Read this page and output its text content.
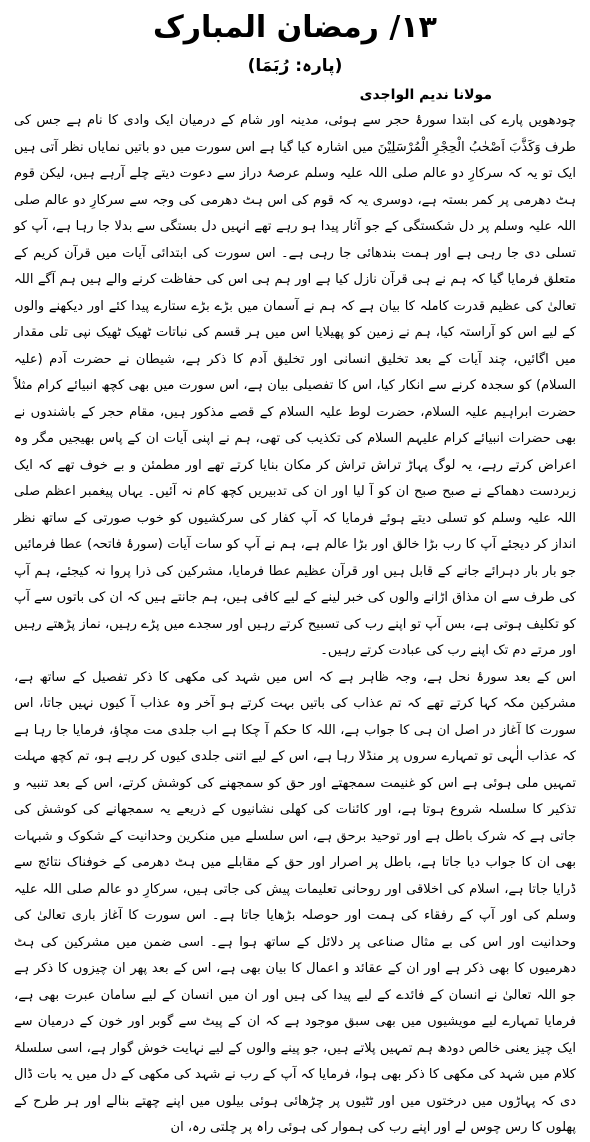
۱۳/ رمضان المبارک
(پارہ: رُبَمَا)
مولانا ندیم الواجدی

چودھویں پارے کی ابتدا سورۂ حجر سے ہوئی، مدینہ اور شام کے درمیان ایک وادی کا نام ہے جس کی طرف وَکَذَّبَ اَصْحٰبُ الْحِجْرِ الْمُرْسَلِیْنَ میں اشارہ کیا گیا ہے اس سورت میں دو باتیں نمایاں نظر آتی ہیں ایک تو یہ کہ سرکارِ دو عالم صلی اللہ علیہ وسلم عرصۂ دراز سے دعوت دیتے چلے آرہے ہیں، لیکن قوم ہٹ دھرمی پر کمر بستہ ہے، دوسری یہ کہ قوم کی اس ہٹ دھرمی کی وجہ سے سرکارِ دو عالم صلی اللہ علیہ وسلم پر دل شکستگی کے جو آثار پیدا ہو رہے تھے انہیں دل بستگی سے بدلا جا رہا ہے، آپ کو تسلی دی جا رہی ہے اور ہمت بندھائی جا رہی ہے۔ اس سورت کی ابتدائی آیات میں قرآن کریم کے متعلق فرمایا گیا کہ ہم نے ہی قرآن نازل کیا ہے اور ہم ہی اس کی حفاظت کرنے والے ہیں ہم آگے اللہ تعالیٰ کی عظیم قدرت کاملہ کا بیان ہے کہ ہم نے آسمان میں بڑے بڑے ستارے پیدا کئے اور دیکھنے والوں کے لیے اس کو آراستہ کیا، ہم نے زمین کو پھیلایا اس میں ہر قسم کی نباتات ٹھیک ٹھیک نپی تلی مقدار میں اگائیں، چند آیات کے بعد تخلیق انسانی اور تخلیق آدم کا ذکر ہے، شیطان نے حضرت آدم (علیہ السلام) کو سجدہ کرنے سے انکار کیا، اس کا تفصیلی بیان ہے، اس سورت میں بھی کچھ انبیائے کرام مثلاً حضرت ابراہیم علیہ السلام، حضرت لوط علیہ السلام کے قصے مذکور ہیں، مقام حجر کے باشندوں نے بھی حضرات انبیائے کرام علیہم السلام کی تکذیب کی تھی، ہم نے اپنی آیات ان کے پاس بھیجیں مگر وہ اعراض کرتے رہے، یہ لوگ پہاڑ تراش تراش کر مکان بنایا کرتے تھے اور مطمئن و بے خوف تھے کہ ایک زبردست دھماکے نے صبح صبح ان کو آ لیا اور ان کی تدبیریں کچھ کام نہ آئیں۔ یہاں پیغمبر اعظم صلی اللہ علیہ وسلم کو تسلی دیتے ہوئے فرمایا کہ آپ کفار کی سرکشیوں کو خوب صورتی کے ساتھ نظر انداز کر دیجئے آپ کا رب بڑا خالق اور بڑا عالم ہے، ہم نے آپ کو سات آیات (سورۂ فاتحہ) عطا فرمائیں جو بار بار دہرائے جانے کے قابل ہیں اور قرآن عظیم عطا فرمایا، مشرکین کی ذرا پروا نہ کیجئے، ہم آپ کی طرف سے ان مذاق اڑانے والوں کی خبر لینے کے لیے کافی ہیں، ہم جانتے ہیں کہ ان کی باتوں سے آپ کو تکلیف ہوتی ہے، بس آپ تو اپنے رب کی تسبیح کرتے رہیں اور سجدے میں پڑے رہیں، نماز پڑھتے رہیں اور مرتے دم تک اپنے رب کی عبادت کرتے رہیں۔

اس کے بعد سورۂ نحل ہے، وجہ ظاہر ہے کہ اس میں شہد کی مکھی کا ذکر تفصیل کے ساتھ ہے، مشرکین مکہ کہا کرتے تھے کہ تم عذاب کی باتیں بہت کرتے ہو آخر وہ عذاب آ کیوں نہیں جاتا، اس سورت کا آغاز در اصل ان ہی کا جواب ہے، اللہ کا حکم آ چکا ہے اب جلدی مت مچاؤ، فرمایا جا رہا ہے کہ عذاب الٰہی تو تمہارے سروں پر منڈلا رہا ہے، اس کے لیے اتنی جلدی کیوں کر رہے ہو، تم کچھ مہلت تمہیں ملی ہوئی ہے اس کو غنیمت سمجھتے اور حق کو سمجھنے کی کوشش کرتے، اس کے بعد تنبیہ و تذکیر کا سلسلہ شروع ہوتا ہے، اور کائنات کی کھلی نشانیوں کے ذریعے یہ سمجھانے کی کوشش کی جاتی ہے کہ شرک باطل ہے اور توحید برحق ہے، اس سلسلے میں منکرین وحدانیت کے شکوک و شبہات بھی ان کا جواب دیا جاتا ہے، باطل پر اصرار اور حق کے مقابلے میں ہٹ دھرمی کے خوفناک نتائج سے ڈرایا جاتا ہے، اسلام کی اخلاقی اور روحانی تعلیمات پیش کی جاتی ہیں، سرکارِ دو عالم صلی اللہ علیہ وسلم کی اور آپ کے رفقاء کی ہمت اور حوصلہ بڑھایا جاتا ہے۔ اس سورت کا آغاز باری تعالیٰ کی وحدانیت اور اس کی بے مثال صناعی پر دلائل کے ساتھ ہوا ہے۔ اسی ضمن میں مشرکین کی ہٹ دھرمیوں کا بھی ذکر ہے اور ان کے عقائد و اعمال کا بیان بھی ہے، اس کے بعد پھر ان چیزوں کا ذکر ہے جو اللہ تعالیٰ نے انسان کے فائدے کے لیے پیدا کی ہیں اور ان میں انسان کے لیے سامان عبرت بھی ہے، فرمایا تمہارے لیے مویشیوں میں بھی سبق موجود ہے کہ ان کے پیٹ سے گوبر اور خون کے درمیان سے ایک چیز یعنی خالص دودھ ہم تمہیں پلاتے ہیں، جو پینے والوں کے لیے نہایت خوش گوار ہے، اسی سلسلۂ کلام میں شہد کی مکھی کا ذکر بھی ہوا، فرمایا کہ آپ کے رب نے شہد کی مکھی کے دل میں یہ بات ڈال دی کہ پہاڑوں میں درختوں میں اور ٹٹیوں پر چڑھائی ہوئی بیلوں میں اپنے چھتے بنالے اور ہر طرح کے پھلوں کا رس چوس لے اور اپنے رب کی ہموار کی ہوئی راہ پر چلتی رہ، ان
